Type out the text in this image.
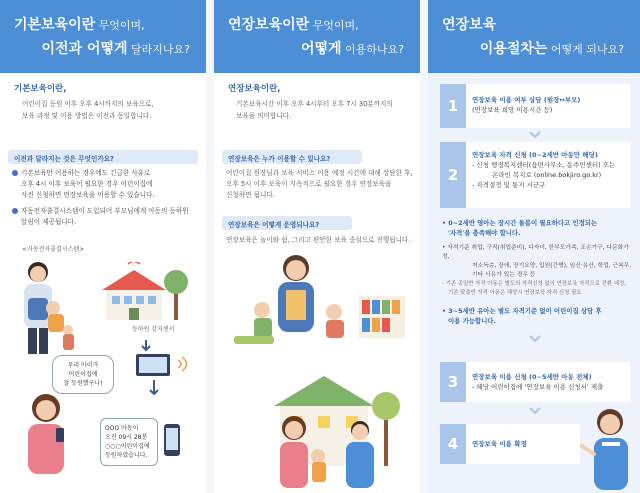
기본보육이란 무엇이며,
이전과 어떻게 달라지나요?
기본보육이란,
어린이집 등원 이후 오후 4시까지의 보육으로,
보육 과정 및 이용 방법은 이전과 동일합니다.
이전과 달라지는 것은 무엇인가요?
기본보육만 이용하는 경우에도 긴급한 사유로
오후 4시 이후 보육이 필요한 경우 어린이집에
사전 신청하면 연장보육을 이용할 수 있습니다.
자동전자출결시스템이 도입되어 부모님에게 아동의 등하원
알림이 제공됩니다.
<자동전자출결시스템>
등하원 감지센서
우리 아이가
어린이집에
잘 등원했구나!
OOO 아동이
오전 09시 28분
○○○어린이집에
등원하였습니다.
연장보육이란 무엇이며,
어떻게 이용하나요?
연장보육이란,
기본보육시간 이후 오후 4시부터 오후 7시 30분까지의
보육을 의미합니다.
연장보육은 누가 이용할 수 있나요?
어린이집 원장님과 보육 서비스 이용 예정 시간에 대해 상담한 후,
오후 5시 이후 보육이 지속적으로 필요한 경우 연장보육을
신청하면 됩니다.
연장보육은 어떻게 운영되나요?
연장보육은 놀이와 쉼, 그리고 편안한 보육 중심으로 진행됩니다.
연장보육
이용절차는 어떻게 되나요?
1	연장보육 이용 여부 상담 (원장↔부모)
(연장보육 희망 이용시간 등)
2
연장보육 자격 신청 (0~2세반 아동만 해당)
- 신청 행정복지센터(읍면사무소, 동주민센터) 또는
온라인 복지로 (online.bokjiro.go.kr)
- 자격결정 및 통지 시군구
• 0~2세반 영아는 장시간 돌봄이 필요하다고 인정되는
'자격'을 충족해야 합니다.
• 자격기준 취업, 구직(취업준비), 다자녀, 한부모가족, 조손가구, 다문화가정,
저소득층, 장애, 장기요양, 입원(간병), 임신·유산, 학업, 근복무,
기타 사유가 있는 경우 등
- 기존 종일반 자격 아동은 별도의 자격신청 없이 연장보육 자격으로 전환 예정,
기존 맞춤반 자격 아동은 해당시 연장보육 자격 신청 필요
• 3~5세반 유아는 별도 자격기준 없이 어린이집 상담 후
이용 가능합니다.
3	연장보육 이용 신청 (0~5세반 아동 전체)
- 해당 어린이집에 '연장보육 이용 신청서' 제출
4	연장보육 이용 확정
